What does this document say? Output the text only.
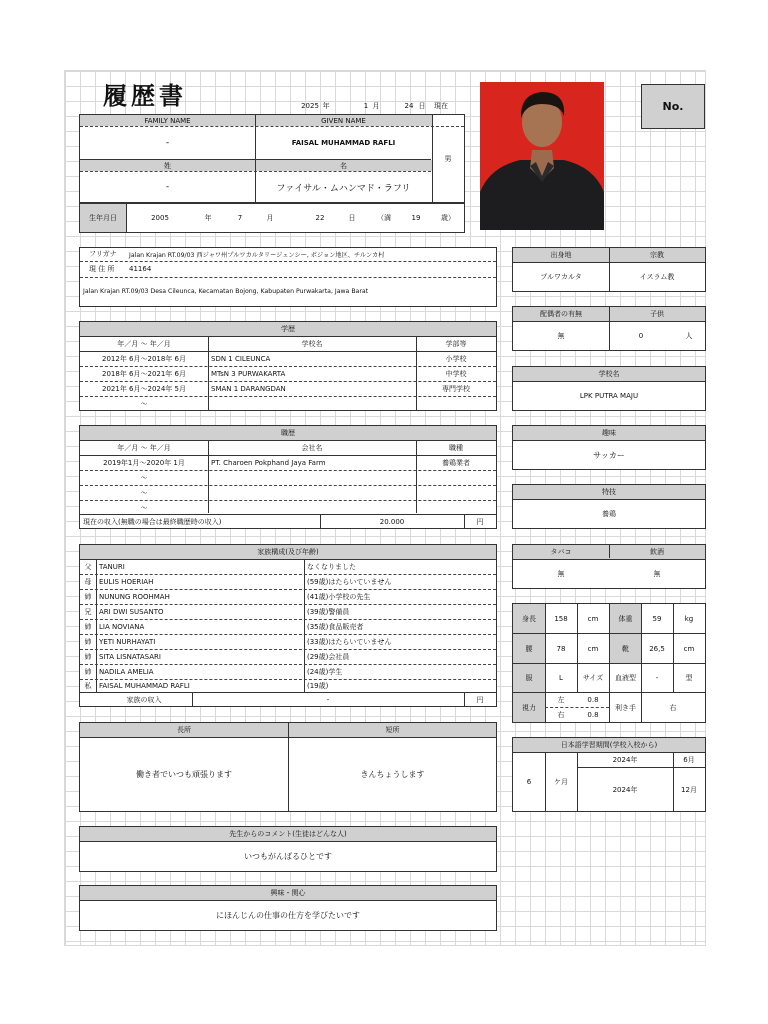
履歴書	2025 年	1 月	24 日	現在
FAMILY NAME	GIVEN NAME
-	FAISAL MUHAMMAD RAFLI
姓	名
-	ファイサル・ムハンマド・ラフリ
男
生年月日	2005	年	7	月	22	日	（満	19	歳）
No.
フリガナ	Jalan Krajan RT.09/03 西ジャワ州プルワカルタリージェンシー, ボジョン地区、チルンカ村
現 住 所	41164
Jalan Krajan RT.09/03 Desa Cileunca, Kecamatan Bojong, Kabupaten Purwakarta, Jawa Barat
出身地	宗教
プルワカルタ	イスラム教
配偶者の有無	子供
無	0	人
学校名
LPK PUTRA MAJU
学歴
年／月 ～ 年／月	学校名	学部等
2012年 6月～2018年 6月	SDN 1 CILEUNCA	小学校
2018年 6月～2021年 6月	MTsN 3 PURWAKARTA	中学校
2021年 6月～2024年 5月	SMAN 1 DARANGDAN	専門学校
～
職歴
年／月 ～ 年／月	会社名	職種
2019年1月～2020年 1月	PT. Charoen Pokphand Jaya Farm	養鶏業者
～
～
～
現在の収入(無職の場合は最終職歴時の収入)	20.000	円
趣味
サッカー
特技
養鶏
家族構成(及び年齢)
父	TANURI	なくなりました
母	EULIS HOERIAH	(59歳)はたらいていません
姉	NUNUNG ROOHMAH	(41歳)小学校の先生
兄	ARI DWI SUSANTO	(39歳)警備員
姉	LIA NOVIANA	(35歳)食品販売者
姉	YETI NURHAYATI	(33歳)はたらいていません
姉	SITA LISNATASARI	(29歳)会社員
姉	NADILA AMELIA	(24歳)学生
私	FAISAL MUHAMMAD RAFLI	(19歳)
家族の収入	-	円
タバコ	飲酒
無	無
身長	158	cm	体重	59	kg
腰	78	cm	靴	26,5	cm
服	L	サイズ	血液型	-	型
視力
左	0.8
右	0.8
利き手	右
長所	短所
働き者でいつも頑張ります	きんちょうします
日本語学習期間(学校入校から)
6	ケ月
2024年	6月
2024年	12月
先生からのコメント(生徒はどんな人)
いつもがんばるひとです
興味・関心
にほんじんの仕事の仕方を学びたいです
